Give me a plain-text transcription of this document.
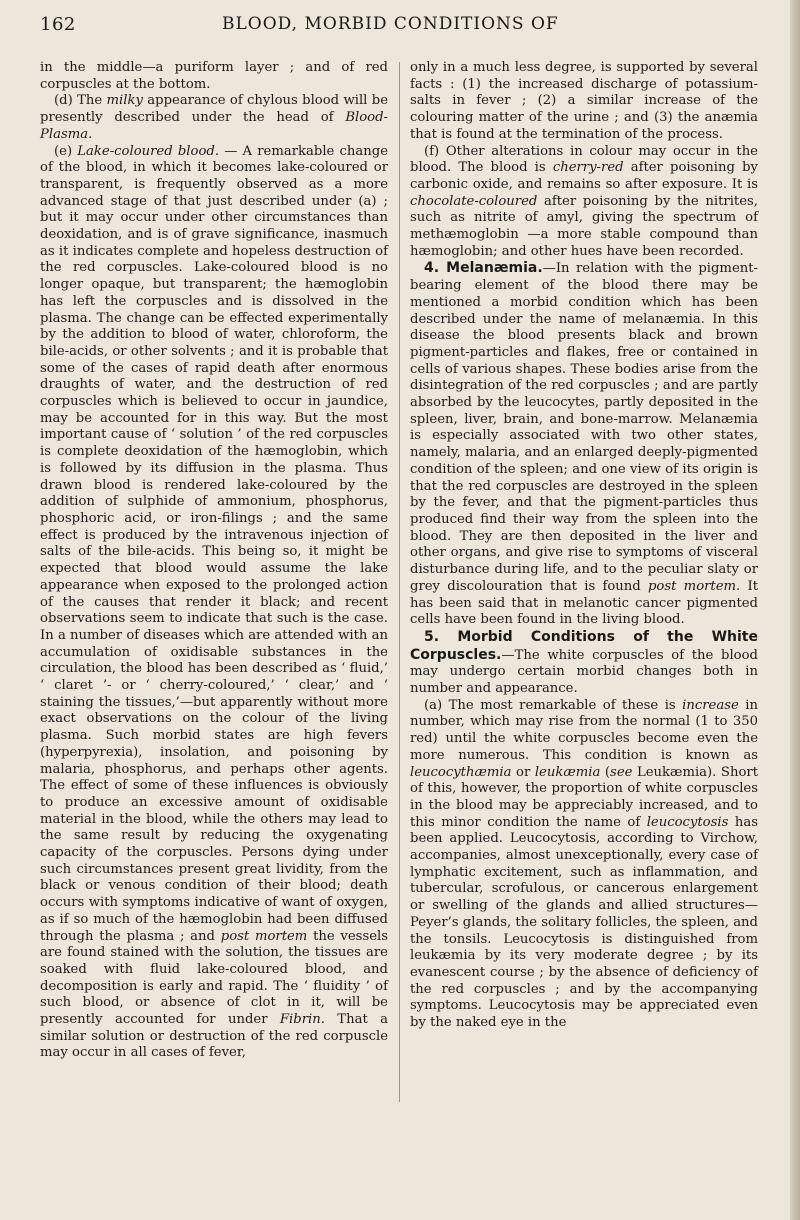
162	BLOOD, MORBID CONDITIONS OF

in the middle—a puriform layer ; and of red corpuscles at the bottom.

(d) The milky appearance of chylous blood will be presently described under the head of Blood-Plasma.

(e) Lake-coloured blood. — A remarkable change of the blood, in which it becomes lake-coloured or transparent, is frequently observed as a more advanced stage of that just described under (a) ; but it may occur under other circumstances than deoxidation, and is of grave significance, inasmuch as it indicates complete and hopeless destruction of the red corpuscles. Lake-coloured blood is no longer opaque, but transparent; the hæmoglobin has left the corpuscles and is dissolved in the plasma. The change can be effected experimentally by the addition to blood of water, chloroform, the bile-acids, or other solvents ; and it is probable that some of the cases of rapid death after enormous draughts of water, and the destruction of red corpuscles which is believed to occur in jaundice, may be accounted for in this way. But the most important cause of ‘ solution ’ of the red corpuscles is complete deoxidation of the hæmoglobin, which is followed by its diffusion in the plasma. Thus drawn blood is rendered lake-coloured by the addition of sulphide of ammonium, phosphorus, phosphoric acid, or iron-filings ; and the same effect is produced by the intravenous injection of salts of the bile-acids. This being so, it might be expected that blood would assume the lake appearance when exposed to the prolonged action of the causes that render it black; and recent observations seem to indicate that such is the case. In a number of diseases which are attended with an accumulation of oxidisable substances in the circulation, the blood has been described as ‘ fluid,’ ‘ claret ’- or ‘ cherry-coloured,’ ‘ clear,’ and ‘ staining the tissues,’—but apparently without more exact observations on the colour of the living plasma. Such morbid states are high fevers (hyperpyrexia), insolation, and poisoning by malaria, phosphorus, and perhaps other agents. The effect of some of these influences is obviously to produce an excessive amount of oxidisable material in the blood, while the others may lead to the same result by reducing the oxygenating capacity of the corpuscles. Persons dying under such circumstances present great lividity, from the black or venous condition of their blood; death occurs with symptoms indicative of want of oxygen, as if so much of the hæmoglobin had been diffused through the plasma ; and post mortem the vessels are found stained with the solution, the tissues are soaked with fluid lake-coloured blood, and decomposition is early and rapid. The ‘ fluidity ’ of such blood, or absence of clot in it, will be presently accounted for under Fibrin. That a similar solution or destruction of the red corpuscle may occur in all cases of fever,

only in a much less degree, is supported by several facts : (1) the increased discharge of potassium-salts in fever ; (2) a similar increase of the colouring matter of the urine ; and (3) the anæmia that is found at the termination of the process.

(f) Other alterations in colour may occur in the blood. The blood is cherry-red after poisoning by carbonic oxide, and remains so after exposure. It is chocolate-coloured after poisoning by the nitrites, such as nitrite of amyl, giving the spectrum of methæmoglobin —a more stable compound than hæmoglobin; and other hues have been recorded.

4. Melanæmia.—In relation with the pigment-bearing element of the blood there may be mentioned a morbid condition which has been described under the name of melanæmia. In this disease the blood presents black and brown pigment-particles and flakes, free or contained in cells of various shapes. These bodies arise from the disintegration of the red corpuscles ; and are partly absorbed by the leucocytes, partly deposited in the spleen, liver, brain, and bone-marrow. Melanæmia is especially associated with two other states, namely, malaria, and an enlarged deeply-pigmented condition of the spleen; and one view of its origin is that the red corpuscles are destroyed in the spleen by the fever, and that the pigment-particles thus produced find their way from the spleen into the blood. They are then deposited in the liver and other organs, and give rise to symptoms of visceral disturbance during life, and to the peculiar slaty or grey discolouration that is found post mortem. It has been said that in melanotic cancer pigmented cells have been found in the living blood.

5. Morbid Conditions of the White Corpuscles.—The white corpuscles of the blood may undergo certain morbid changes both in number and appearance.

(a) The most remarkable of these is increase in number, which may rise from the normal (1 to 350 red) until the white corpuscles become even the more numerous. This condition is known as leucocythæmia or leukæmia (see Leukæmia). Short of this, however, the proportion of white corpuscles in the blood may be appreciably increased, and to this minor condition the name of leucocytosis has been applied. Leucocytosis, according to Virchow, accompanies, almost unexceptionally, every case of lymphatic excitement, such as inflammation, and tubercular, scrofulous, or cancerous enlargement or swelling of the glands and allied structures—Peyer’s glands, the solitary follicles, the spleen, and the tonsils. Leucocytosis is distinguished from leukæmia by its very moderate degree ; by its evanescent course ; by the absence of deficiency of the red corpuscles ; and by the accompanying symptoms. Leucocytosis may be appreciated even by the naked eye in the
